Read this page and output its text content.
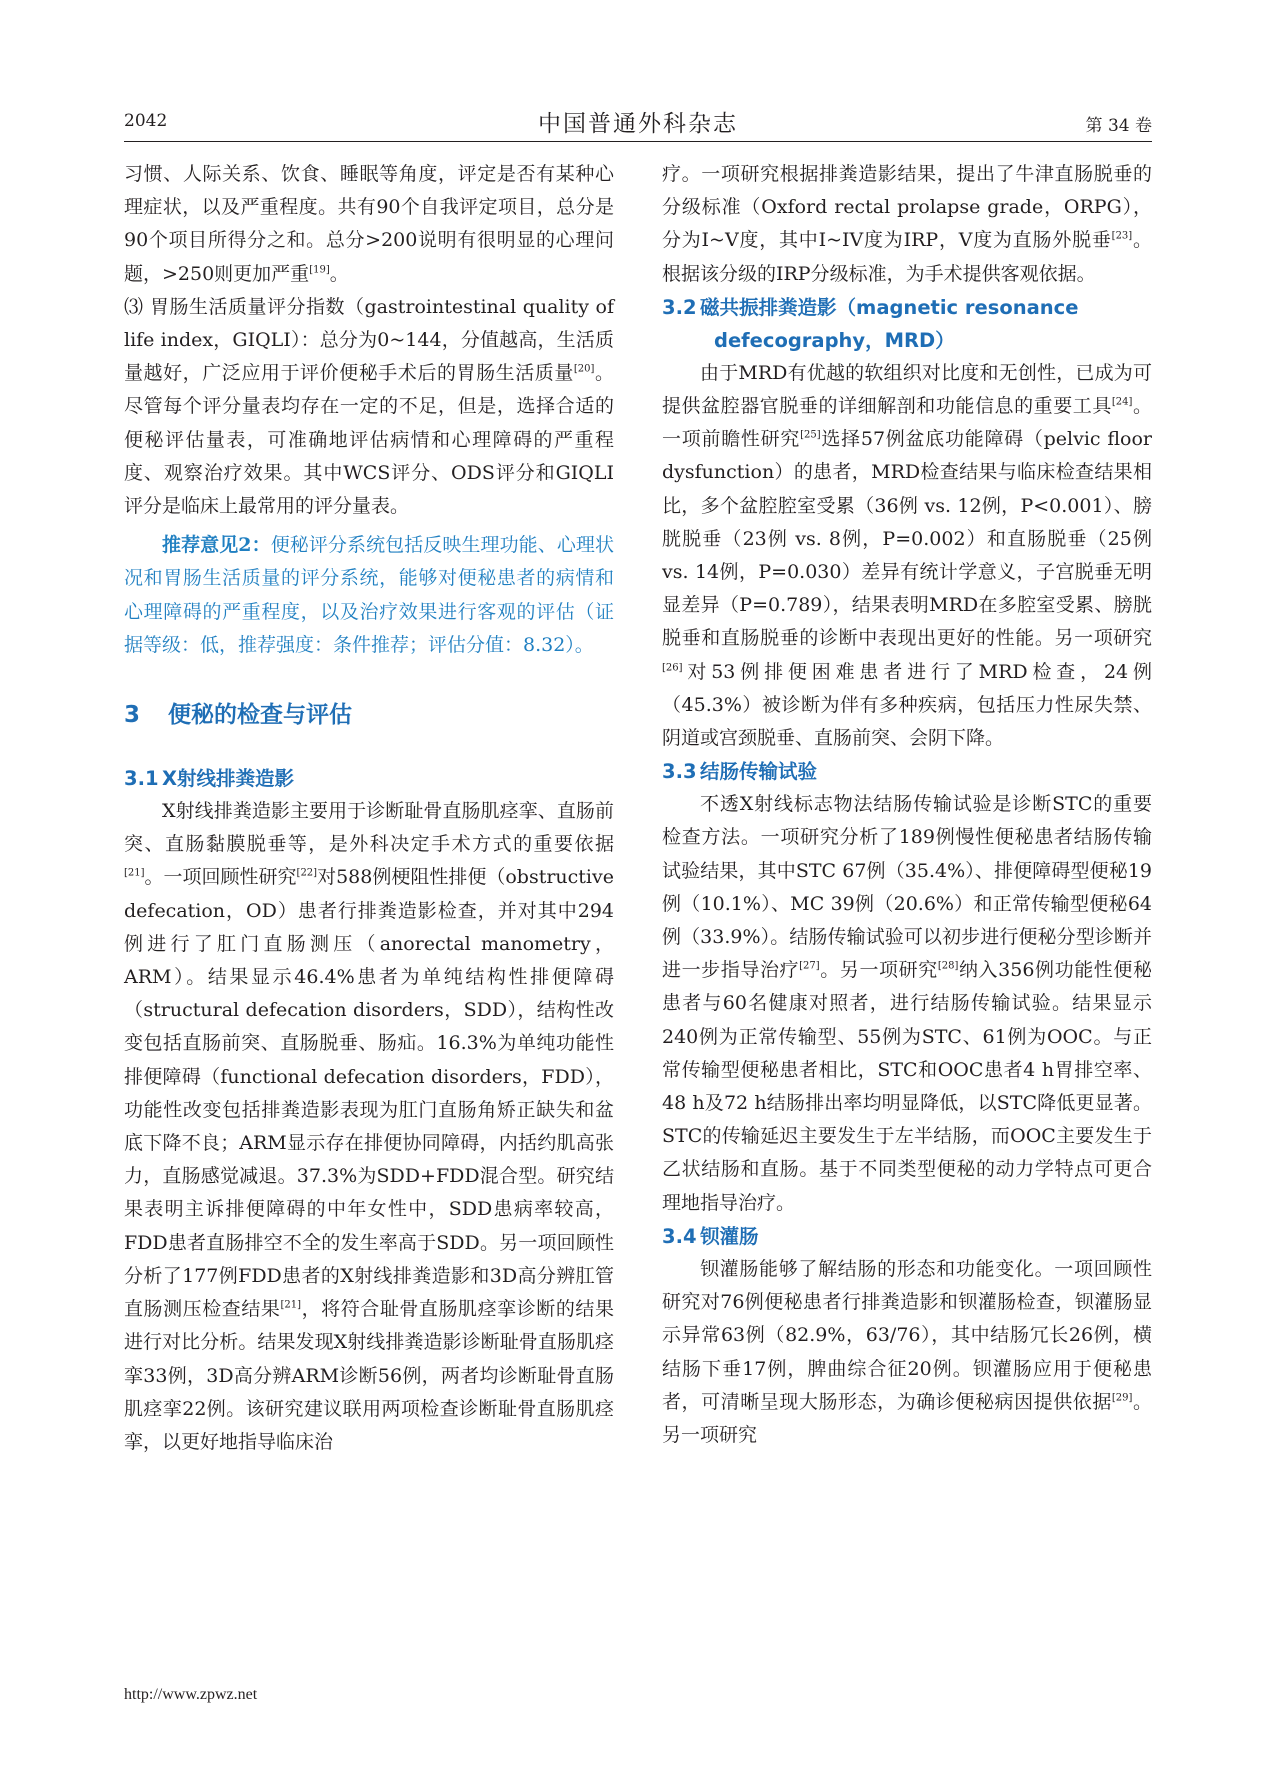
2042	中国普通外科杂志	第 34 卷

习惯、人际关系、饮食、睡眠等角度，评定是否有某种心理症状，以及严重程度。共有90个自我评定项目，总分是90个项目所得分之和。总分>200说明有很明显的心理问题，>250则更加严重[19]。

⑶ 胃肠生活质量评分指数（gastrointestinal quality of life index，GIQLI）：总分为0~144，分值越高，生活质量越好，广泛应用于评价便秘手术后的胃肠生活质量[20]。尽管每个评分量表均存在一定的不足，但是，选择合适的便秘评估量表，可准确地评估病情和心理障碍的严重程度、观察治疗效果。其中WCS评分、ODS评分和GIQLI评分是临床上最常用的评分量表。

推荐意见2：便秘评分系统包括反映生理功能、心理状况和胃肠生活质量的评分系统，能够对便秘患者的病情和心理障碍的严重程度，以及治疗效果进行客观的评估（证据等级：低，推荐强度：条件推荐；评估分值：8.32）。

3 便秘的检查与评估
3.1 X射线排粪造影

X射线排粪造影主要用于诊断耻骨直肠肌痉挛、直肠前突、直肠黏膜脱垂等，是外科决定手术方式的重要依据[21]。一项回顾性研究[22]对588例梗阻性排便（obstructive defecation，OD）患者行排粪造影检查，并对其中294例进行了肛门直肠测压（anorectal manometry，ARM）。结果显示46.4%患者为单纯结构性排便障碍（structural defecation disorders，SDD），结构性改变包括直肠前突、直肠脱垂、肠疝。16.3%为单纯功能性排便障碍（functional defecation disorders，FDD），功能性改变包括排粪造影表现为肛门直肠角矫正缺失和盆底下降不良；ARM显示存在排便协同障碍，内括约肌高张力，直肠感觉减退。37.3%为SDD+FDD混合型。研究结果表明主诉排便障碍的中年女性中，SDD患病率较高，FDD患者直肠排空不全的发生率高于SDD。另一项回顾性分析了177例FDD患者的X射线排粪造影和3D高分辨肛管直肠测压检查结果[21]，将符合耻骨直肠肌痉挛诊断的结果进行对比分析。结果发现X射线排粪造影诊断耻骨直肠肌痉挛33例，3D高分辨ARM诊断56例，两者均诊断耻骨直肠肌痉挛22例。该研究建议联用两项检查诊断耻骨直肠肌痉挛，以更好地指导临床治

疗。一项研究根据排粪造影结果，提出了牛津直肠脱垂的分级标准（Oxford rectal prolapse grade，ORPG），分为I~V度，其中I~IV度为IRP，V度为直肠外脱垂[23]。根据该分级的IRP分级标准，为手术提供客观依据。

3.2 磁共振排粪造影（magnetic resonance
defecography，MRD）

由于MRD有优越的软组织对比度和无创性，已成为可提供盆腔器官脱垂的详细解剖和功能信息的重要工具[24]。一项前瞻性研究[25]选择57例盆底功能障碍（pelvic floor dysfunction）的患者，MRD检查结果与临床检查结果相比，多个盆腔腔室受累（36例 vs. 12例，P<0.001）、膀胱脱垂（23例 vs. 8例，P=0.002）和直肠脱垂（25例 vs. 14例，P=0.030）差异有统计学意义，子宫脱垂无明显差异（P=0.789），结果表明MRD在多腔室受累、膀胱脱垂和直肠脱垂的诊断中表现出更好的性能。另一项研究[26]对53例排便困难患者进行了MRD检查，24例（45.3%）被诊断为伴有多种疾病，包括压力性尿失禁、阴道或宫颈脱垂、直肠前突、会阴下降。

3.3 结肠传输试验

不透X射线标志物法结肠传输试验是诊断STC的重要检查方法。一项研究分析了189例慢性便秘患者结肠传输试验结果，其中STC 67例（35.4%）、排便障碍型便秘19例（10.1%）、MC 39例（20.6%）和正常传输型便秘64例（33.9%）。结肠传输试验可以初步进行便秘分型诊断并进一步指导治疗[27]。另一项研究[28]纳入356例功能性便秘患者与60名健康对照者，进行结肠传输试验。结果显示240例为正常传输型、55例为STC、61例为OOC。与正常传输型便秘患者相比，STC和OOC患者4 h胃排空率、48 h及72 h结肠排出率均明显降低，以STC降低更显著。STC的传输延迟主要发生于左半结肠，而OOC主要发生于乙状结肠和直肠。基于不同类型便秘的动力学特点可更合理地指导治疗。

3.4 钡灌肠

钡灌肠能够了解结肠的形态和功能变化。一项回顾性研究对76例便秘患者行排粪造影和钡灌肠检查，钡灌肠显示异常63例（82.9%，63/76），其中结肠冗长26例，横结肠下垂17例，脾曲综合征20例。钡灌肠应用于便秘患者，可清晰呈现大肠形态，为确诊便秘病因提供依据[29]。另一项研究

http://www.zpwz.net
